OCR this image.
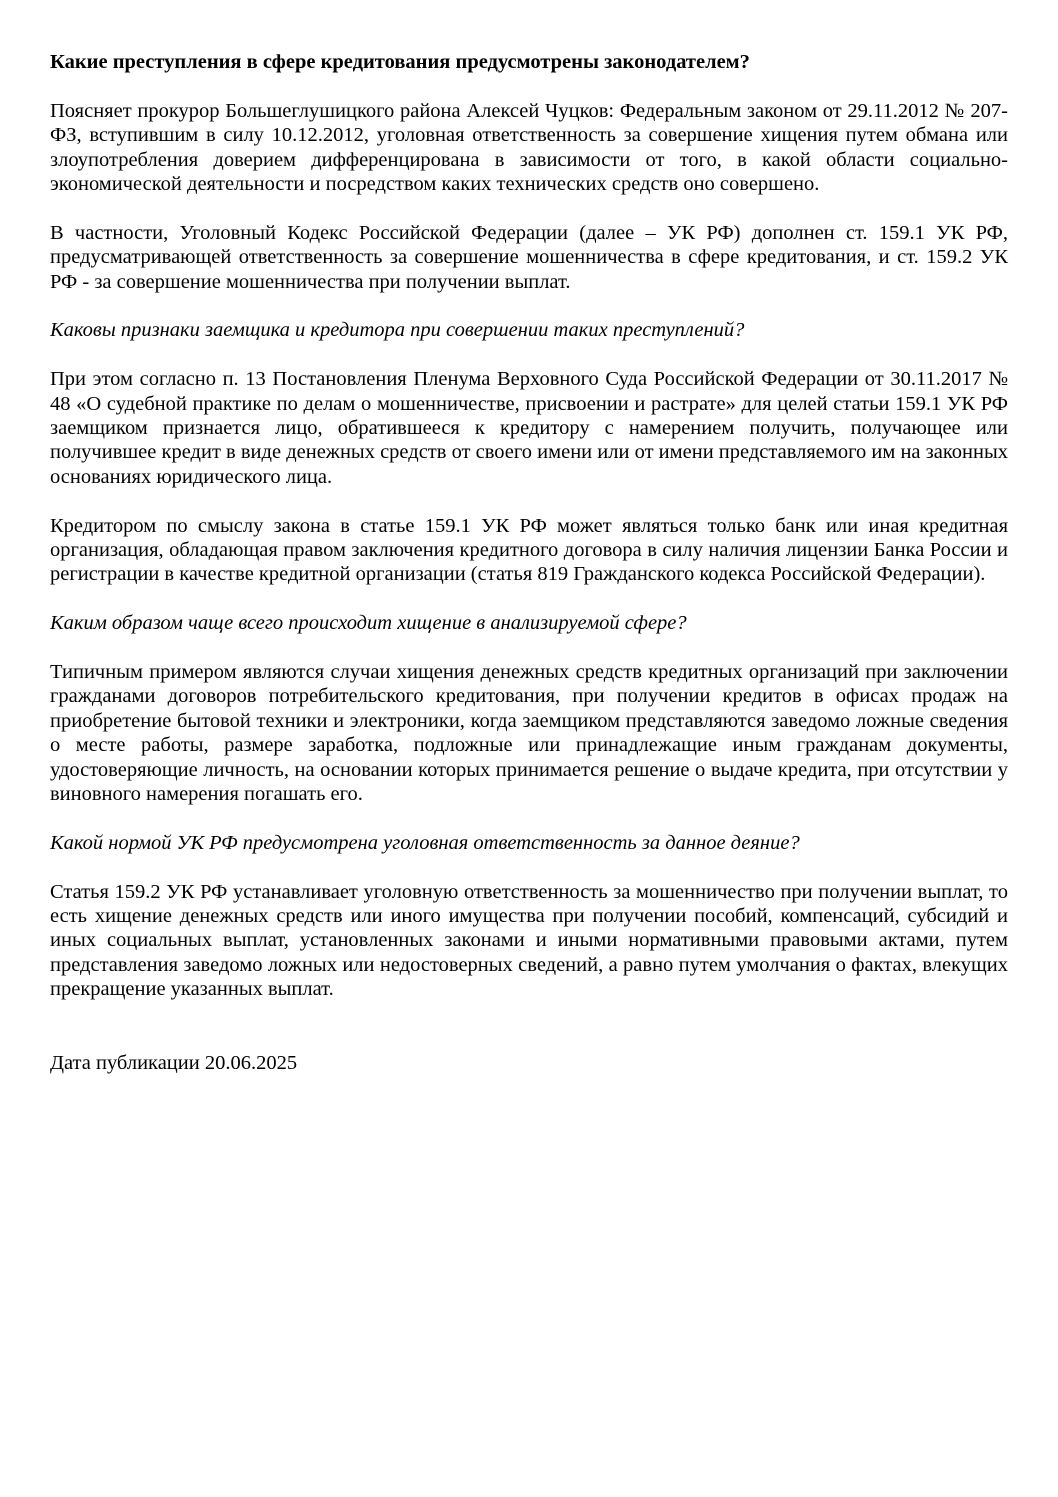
Какие преступления в сфере кредитования предусмотрены законодателем?

Поясняет прокурор Большеглушицкого района Алексей Чуцков: Федеральным законом от 29.11.2012 № 207-ФЗ, вступившим в силу 10.12.2012, уголовная ответственность за совершение хищения путем обмана или злоупотребления доверием дифференцирована в зависимости от того, в какой области социально-экономической деятельности и посредством каких технических средств оно совершено.

В частности, Уголовный Кодекс Российской Федерации (далее – УК РФ) дополнен ст. 159.1 УК РФ, предусматривающей ответственность за совершение мошенничества в сфере кредитования, и ст. 159.2 УК РФ - за совершение мошенничества при получении выплат.

Каковы признаки заемщика и кредитора при совершении таких преступлений?

При этом согласно п. 13 Постановления Пленума Верховного Суда Российской Федерации от 30.11.2017 № 48 «О судебной практике по делам о мошенничестве, присвоении и растрате» для целей статьи 159.1 УК РФ заемщиком признается лицо, обратившееся к кредитору с намерением получить, получающее или получившее кредит в виде денежных средств от своего имени или от имени представляемого им на законных основаниях юридического лица.

Кредитором по смыслу закона в статье 159.1 УК РФ может являться только банк или иная кредитная организация, обладающая правом заключения кредитного договора в силу наличия лицензии Банка России и регистрации в качестве кредитной организации (статья 819 Гражданского кодекса Российской Федерации).

Каким образом чаще всего происходит хищение в анализируемой сфере?

Типичным примером являются случаи хищения денежных средств кредитных организаций при заключении гражданами договоров потребительского кредитования, при получении кредитов в офисах продаж на приобретение бытовой техники и электроники, когда заемщиком представляются заведомо ложные сведения о месте работы, размере заработка, подложные или принадлежащие иным гражданам документы, удостоверяющие личность, на основании которых принимается решение о выдаче кредита, при отсутствии у виновного намерения погашать его.

Какой нормой УК РФ предусмотрена уголовная ответственность за данное деяние?

Статья 159.2 УК РФ устанавливает уголовную ответственность за мошенничество при получении выплат, то есть хищение денежных средств или иного имущества при получении пособий, компенсаций, субсидий и иных социальных выплат, установленных законами и иными нормативными правовыми актами, путем представления заведомо ложных или недостоверных сведений, а равно путем умолчания о фактах, влекущих прекращение указанных выплат.

Дата публикации 20.06.2025
